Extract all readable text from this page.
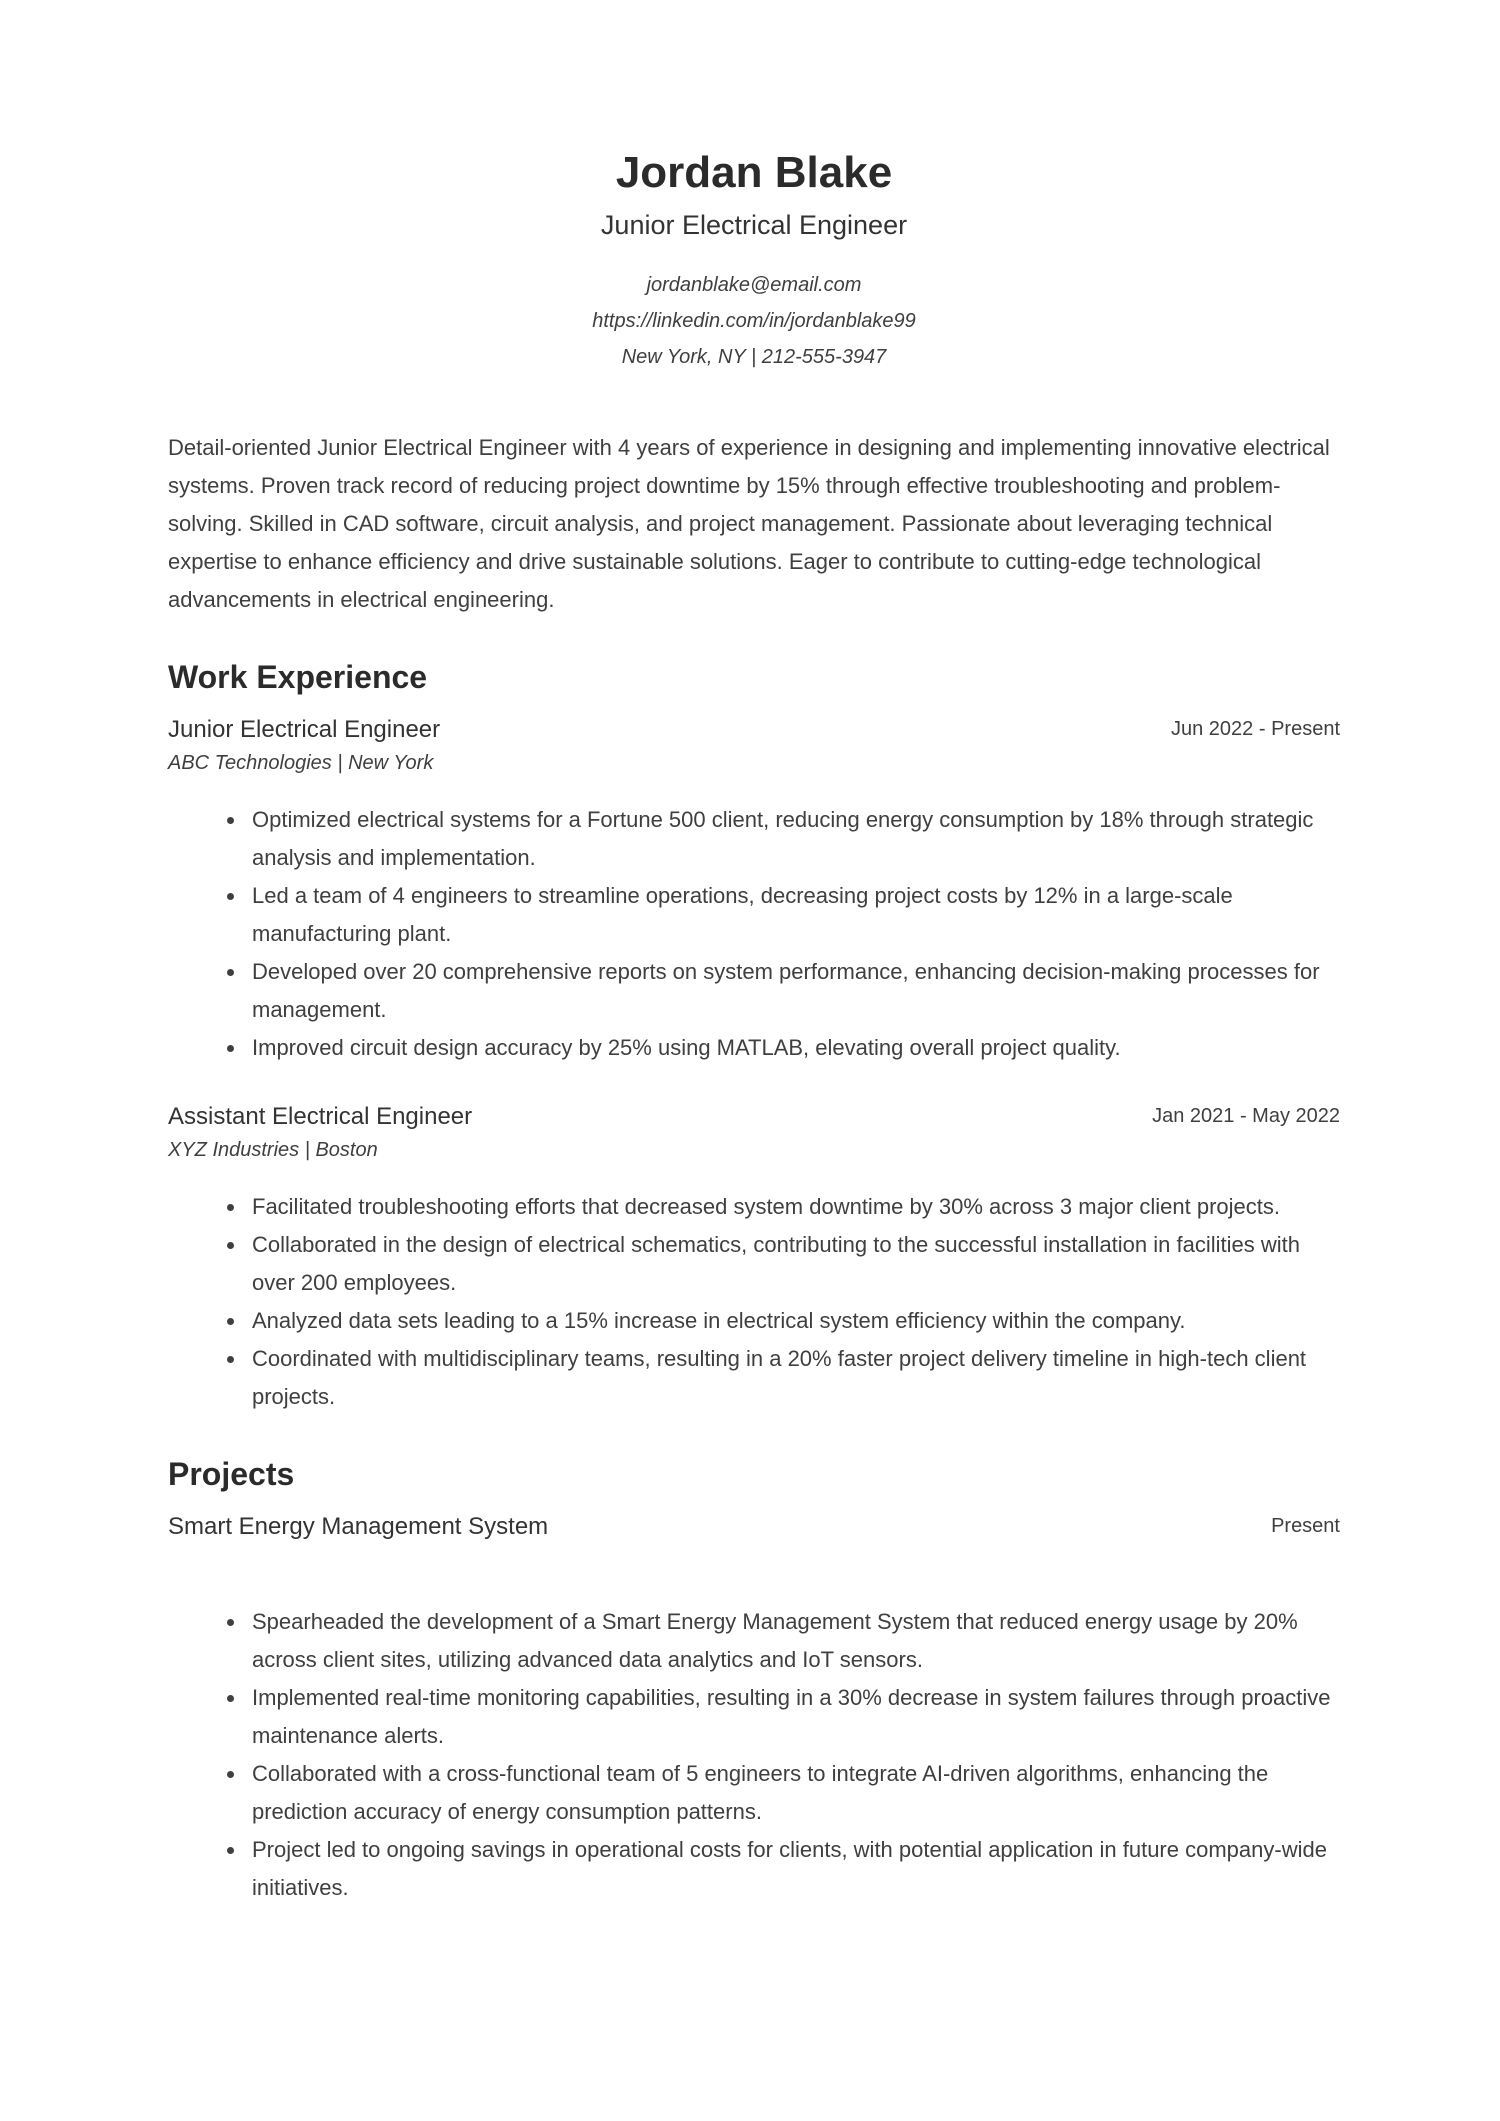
Jordan Blake
Junior Electrical Engineer
jordanblake@email.com
https://linkedin.com/in/jordanblake99
New York, NY | 212-555-3947

Detail-oriented Junior Electrical Engineer with 4 years of experience in designing and implementing innovative electrical systems. Proven track record of reducing project downtime by 15% through effective troubleshooting and problem-solving. Skilled in CAD software, circuit analysis, and project management. Passionate about leveraging technical expertise to enhance efficiency and drive sustainable solutions. Eager to contribute to cutting-edge technological advancements in electrical engineering.

Work Experience
Junior Electrical Engineer	Jun 2022 - Present
ABC Technologies | New York
Optimized electrical systems for a Fortune 500 client, reducing energy consumption by 18% through strategic analysis and implementation.
Led a team of 4 engineers to streamline operations, decreasing project costs by 12% in a large-scale manufacturing plant.
Developed over 20 comprehensive reports on system performance, enhancing decision-making processes for management.
Improved circuit design accuracy by 25% using MATLAB, elevating overall project quality.
Assistant Electrical Engineer	Jan 2021 - May 2022
XYZ Industries | Boston
Facilitated troubleshooting efforts that decreased system downtime by 30% across 3 major client projects.
Collaborated in the design of electrical schematics, contributing to the successful installation in facilities with over 200 employees.
Analyzed data sets leading to a 15% increase in electrical system efficiency within the company.
Coordinated with multidisciplinary teams, resulting in a 20% faster project delivery timeline in high-tech client projects.
Projects
Smart Energy Management System	Present
Spearheaded the development of a Smart Energy Management System that reduced energy usage by 20% across client sites, utilizing advanced data analytics and IoT sensors.
Implemented real-time monitoring capabilities, resulting in a 30% decrease in system failures through proactive maintenance alerts.
Collaborated with a cross-functional team of 5 engineers to integrate AI-driven algorithms, enhancing the prediction accuracy of energy consumption patterns.
Project led to ongoing savings in operational costs for clients, with potential application in future company-wide initiatives.
